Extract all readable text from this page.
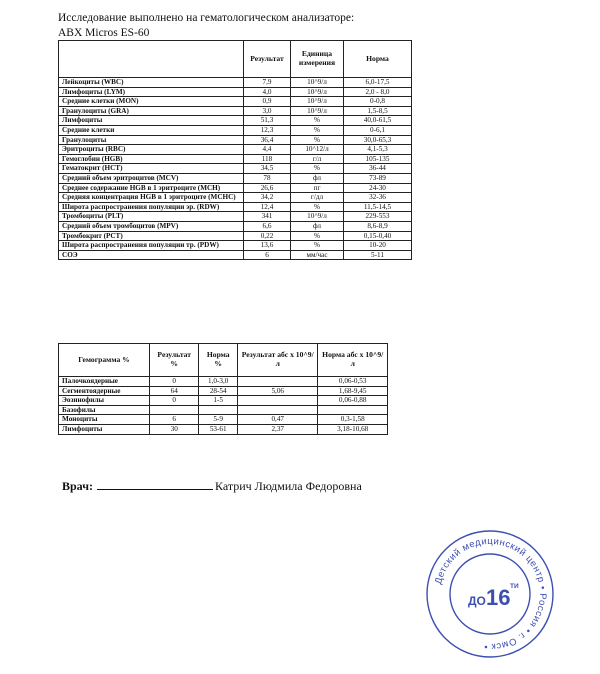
Исследование выполнено на гематологическом анализаторе:
ABX Micros ES-60
	Результат	Единица измерения	Норма
Лейкоциты (WBC)	7,9	10^9/л	6,0-17,5
Лимфоциты (LYM)	4,0	10^9/л	2,0 - 8,0
Средние клетки (MON)	0,9	10^9/л	0-0,8
Гранулоциты (GRA)	3,0	10^9/л	1,5-8,5
Лимфоциты	51,3	%	40,0-61,5
Средние клетки	12,3	%	0-6,1
Гранулоциты	36,4	%	30,0-65,3
Эритроциты (RBC)	4,4	10^12/л	4,1-5,3
Гемоглобин (HGB)	118	г/л	105-135
Гематокрит (HCT)	34,5	%	36-44
Средний объем эритроцитов (MCV)	78	фл	73-89
Среднее содержание HGB в 1 эритроците (MCH)	26,6	пг	24-30
Средняя концентрация HGB в 1 эритроците (MCHC)	34,2	г/дл	32-36
Широта распространения популяции эр. (RDW)	12,4	%	11,5-14,5
Тромбоциты (PLT)	341	10^9/л	229-553
Средний объем тромбоцитов (MPV)	6,6	фл	8,6-8,9
Тромбокрит (PCT)	0,22	%	0,15-0,40
Широта распространения популяции тр. (PDW)	13,6	%	10-20
СОЭ	6	мм/час	5-11
Гемограмма %	Результат %	Норма %	Результат абс x 10^9/л	Норма абс x 10^9/л
Палочкоядерные	0	1,0-3,0		0,06-0,53
Сегментоядерные	64	28-54	5,06	1,68-9,45
Эозинофилы	0	1-5		0,06-0,88
Базофилы				
Моноциты	6	5-9	0,47	0,3-1,58
Лимфоциты	30	53-61	2,37	3,18-10,68
Врач:	Катрич Людмила Федоровна
Детский медицинский центр • Россия • г. Омск •
ДО 16 ТИ
